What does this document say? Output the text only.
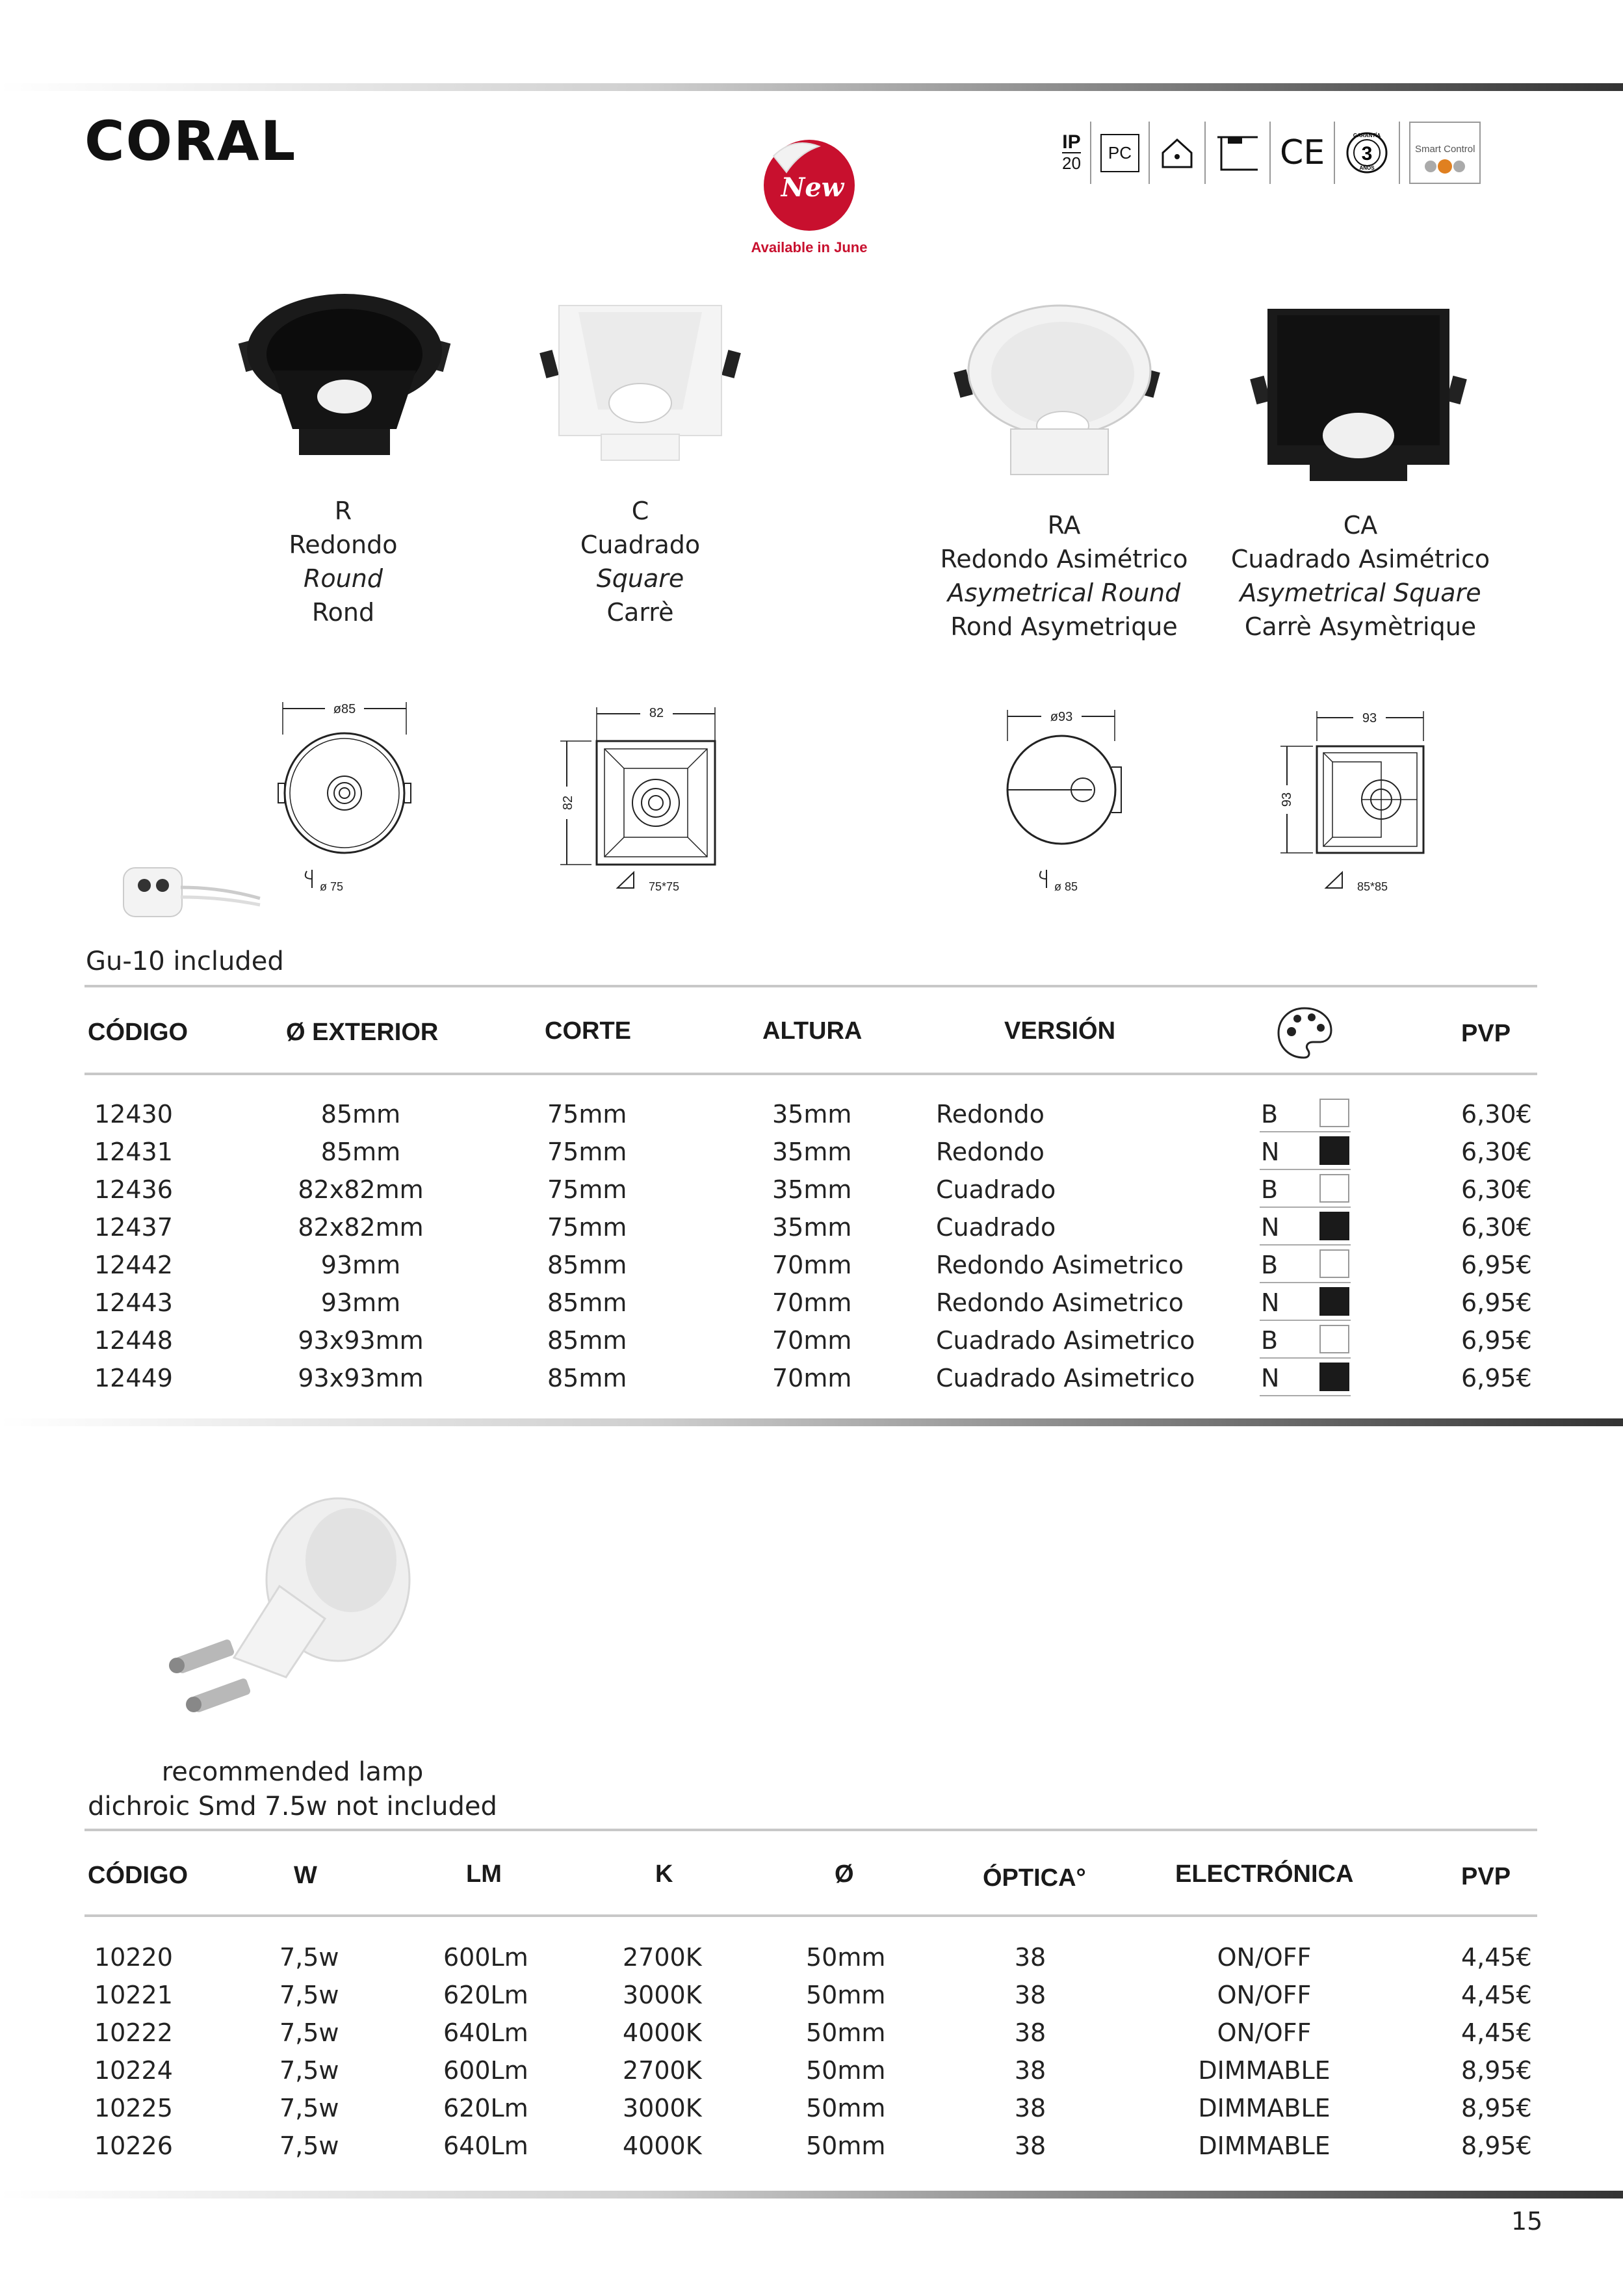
CORAL
New
Available in June
IP
20
PC	CE	GARANTÍA
3
AÑOS
Smart Control
R
Redondo
Round
Rond
C
Cuadrado
Square
Carrè
RA
Redondo Asimétrico
Asymetrical Round
Rond Asymetrique
CA
Cuadrado Asimétrico
Asymetrical Square
Carrè Asymètrique
ø85
ø 75
82
82
75*75
ø93
ø 85
93
93
85*85
Gu-10 included
CÓDIGO	Ø EXTERIOR	CORTE	ALTURA	VERSIÓN	PVP
12430	85mm	75mm	35mm	Redondo	B	6,30€
12431	85mm	75mm	35mm	Redondo	N	6,30€
12436	82x82mm	75mm	35mm	Cuadrado	B	6,30€
12437	82x82mm	75mm	35mm	Cuadrado	N	6,30€
12442	93mm	85mm	70mm	Redondo Asimetrico	B	6,95€
12443	93mm	85mm	70mm	Redondo Asimetrico	N	6,95€
12448	93x93mm	85mm	70mm	Cuadrado Asimetrico	B	6,95€
12449	93x93mm	85mm	70mm	Cuadrado Asimetrico	N	6,95€
recommended lamp
dichroic Smd 7.5w not included
CÓDIGO	W	LM	K	Ø	ÓPTICA°	ELECTRÓNICA	PVP
10220	7,5w	600Lm	2700K	50mm	38	ON/OFF	4,45€
10221	7,5w	620Lm	3000K	50mm	38	ON/OFF	4,45€
10222	7,5w	640Lm	4000K	50mm	38	ON/OFF	4,45€
10224	7,5w	600Lm	2700K	50mm	38	DIMMABLE	8,95€
10225	7,5w	620Lm	3000K	50mm	38	DIMMABLE	8,95€
10226	7,5w	640Lm	4000K	50mm	38	DIMMABLE	8,95€
15
